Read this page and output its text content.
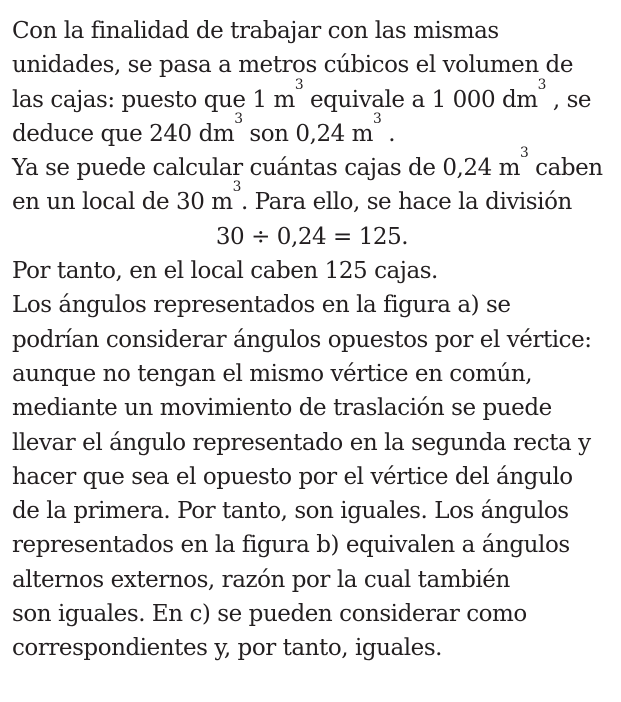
Con la finalidad de trabajar con las mismas
unidades, se pasa a metros cúbicos el volumen de
las cajas: puesto que 1 $m^3$ equivale a 1 000 $dm^3$ , se
deduce que 240 $dm^3$ son 0,24 $m^3$ .
Ya se puede calcular cuántas cajas de 0,24 $m^3$ caben
en un local de 30 $m^3$. Para ello, se hace la división
30 ÷ 0,24 = 125.
Por tanto, en el local caben 125 cajas.
Los ángulos representados en la figura a) se
podrían considerar ángulos opuestos por el vértice:
aunque no tengan el mismo vértice en común,
mediante un movimiento de traslación se puede
llevar el ángulo representado en la segunda recta y
hacer que sea el opuesto por el vértice del ángulo
de la primera. Por tanto, son iguales. Los ángulos
representados en la figura b) equivalen a ángulos
alternos externos, razón por la cual también
son iguales. En c) se pueden considerar como
correspondientes y, por tanto, iguales.
